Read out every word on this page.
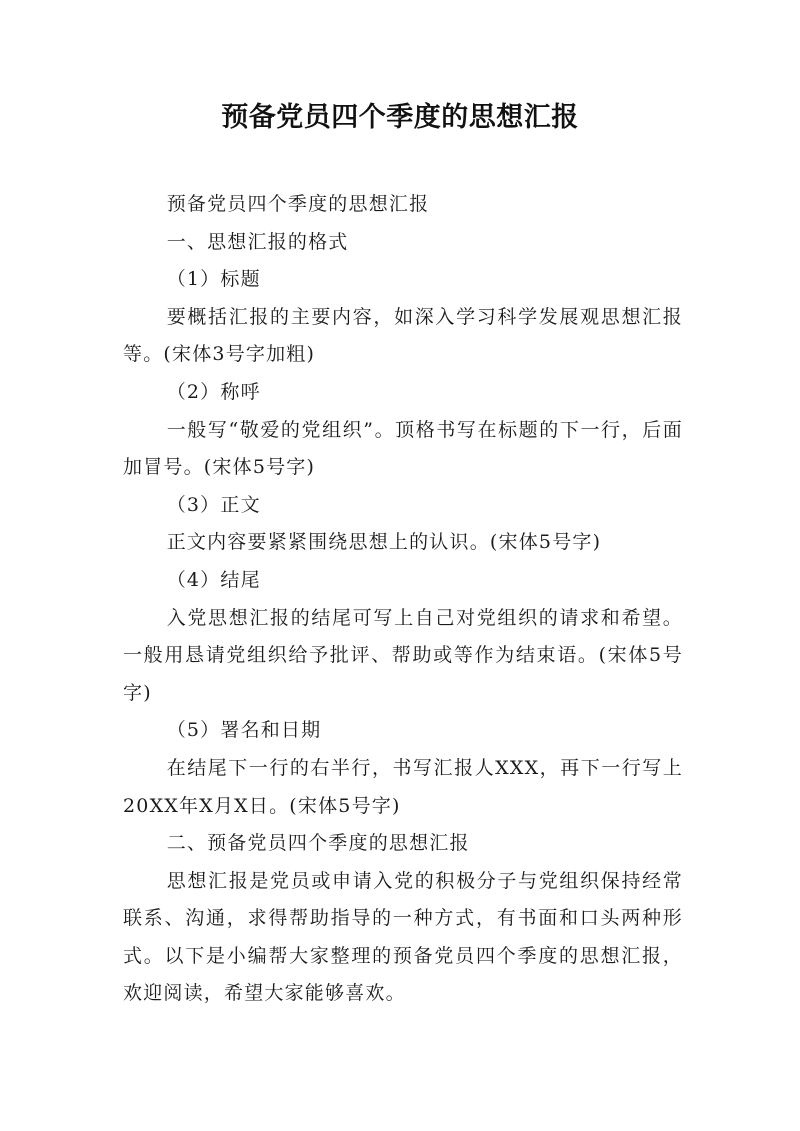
预备党员四个季度的思想汇报

预备党员四个季度的思想汇报

一、思想汇报的格式

（1）标题

要概括汇报的主要内容，如深入学习科学发展观思想汇报等。(宋体3号字加粗)

（2）称呼

一般写“敬爱的党组织”。顶格书写在标题的下一行，后面加冒号。(宋体5号字)

（3）正文

正文内容要紧紧围绕思想上的认识。(宋体5号字)

（4）结尾

入党思想汇报的结尾可写上自己对党组织的请求和希望。一般用恳请党组织给予批评、帮助或等作为结束语。(宋体5号字)

（5）署名和日期

在结尾下一行的右半行，书写汇报人XXX，再下一行写上20XX年X月X日。(宋体5号字)

二、预备党员四个季度的思想汇报

思想汇报是党员或申请入党的积极分子与党组织保持经常联系、沟通，求得帮助指导的一种方式，有书面和口头两种形式。以下是小编帮大家整理的预备党员四个季度的思想汇报，欢迎阅读，希望大家能够喜欢。
